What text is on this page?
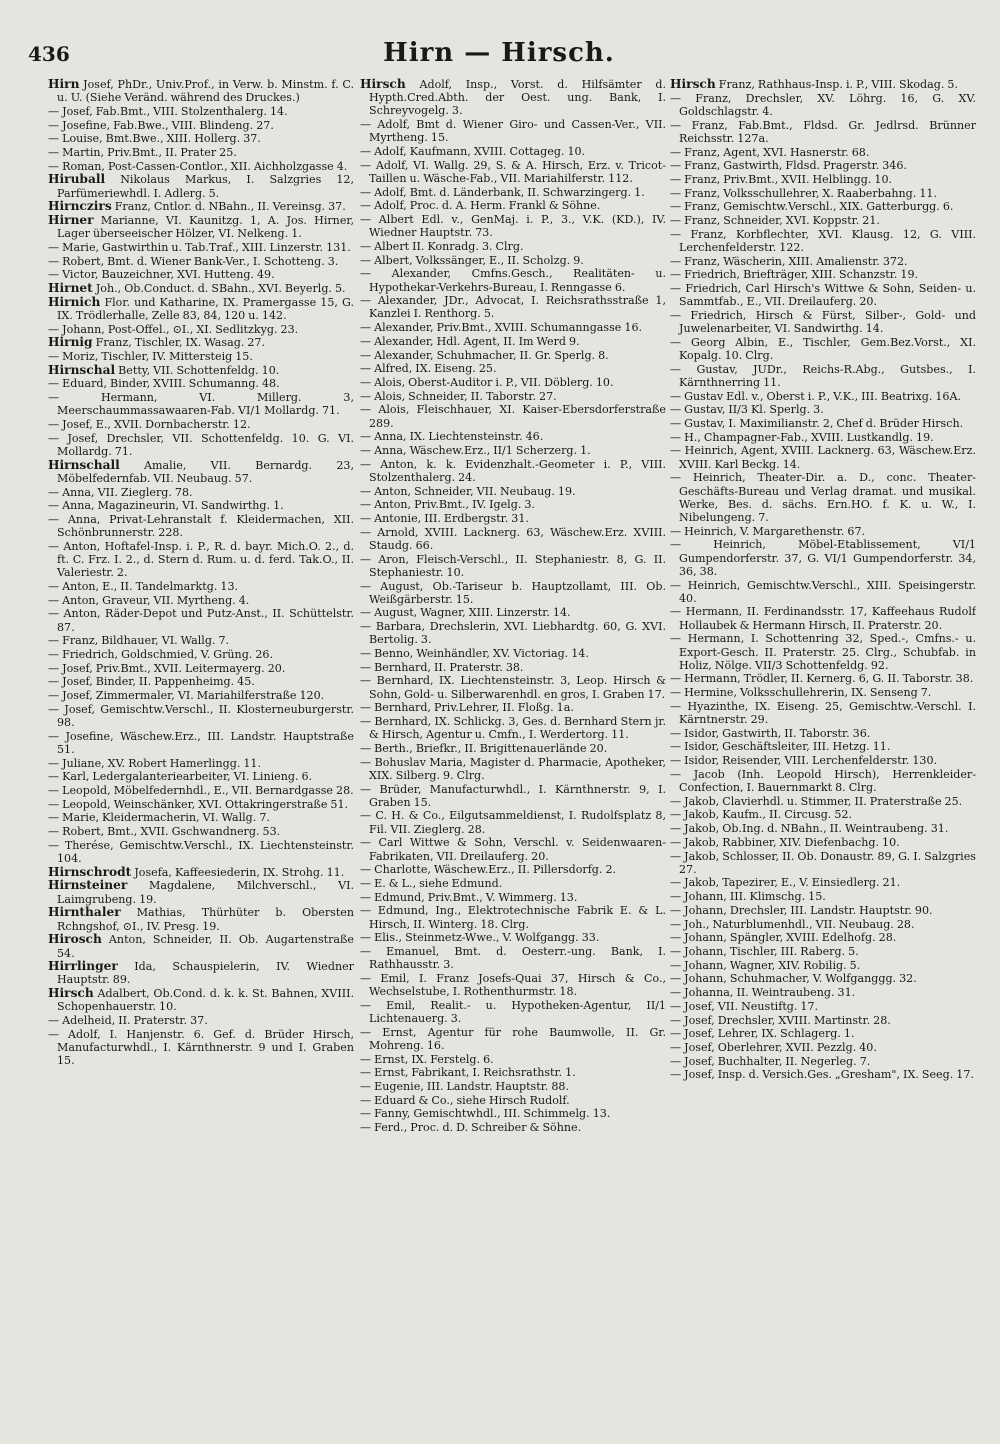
436	Hirn — Hirsch.

Hirn Josef, PhDr., Univ.Prof., in Verw. b. Minstm. f. C. u. U. (Siehe Veränd. während des Druckes.)

— Josef, Fab.Bmt., VIII. Stolzenthalerg. 14.

— Josefine, Fab.Bwe., VIII. Blindeng. 27.

— Louise, Bmt.Bwe., XIII. Hollerg. 37.

— Martin, Priv.Bmt., II. Prater 25.

— Roman, Post-Cassen-Contlor., XII. Aichholzgasse 4.

Hiruball Nikolaus Markus, I. Salzgries 12, Parfümeriewhdl. I. Adlerg. 5.

Hirnczirs Franz, Cntlor. d. NBahn., II. Vereinsg. 37.

Hirner Marianne, VI. Kaunitzg. 1, A. Jos. Hirner, Lager überseeischer Hölzer, VI. Nelkeng. 1.

— Marie, Gastwirthin u. Tab.Traf., XIII. Linzerstr. 131.

— Robert, Bmt. d. Wiener Bank-Ver., I. Schotteng. 3.

— Victor, Bauzeichner, XVI. Hutteng. 49.

Hirnet Joh., Ob.Conduct. d. SBahn., XVI. Beyerlg. 5.

Hirnich Flor. und Katharine, IX. Pramergasse 15, G. IX. Trödlerhalle, Zelle 83, 84, 120 u. 142.

— Johann, Post-Offel., ⊙I., XI. Sedlitzkyg. 23.

Hirnig Franz, Tischler, IX. Wasag. 27.

— Moriz, Tischler, IV. Mittersteig 15.

Hirnschal Betty, VII. Schottenfeldg. 10.

— Eduard, Binder, XVIII. Schumanng. 48.

— Hermann, VI. Millerg. 3, Meerschaummassawaaren-Fab. VI/1 Mollardg. 71.

— Josef, E., XVII. Dornbacherstr. 12.

— Josef, Drechsler, VII. Schottenfeldg. 10. G. VI. Mollardg. 71.

Hirnschall Amalie, VII. Bernardg. 23, Möbelfedernfab. VII. Neubaug. 57.

— Anna, VII. Zieglerg. 78.

— Anna, Magazineurin, VI. Sandwirthg. 1.

— Anna, Privat-Lehranstalt f. Kleidermachen, XII. Schönbrunnerstr. 228.

— Anton, Hoftafel-Insp. i. P., R. d. bayr. Mich.O. 2., d. ft. C. Frz. I. 2., d. Stern d. Rum. u. d. ferd. Tak.O., II. Valeriestr. 2.

— Anton, E., II. Tandelmarktg. 13.

— Anton, Graveur, VII. Myrtheng. 4.

— Anton, Räder-Depot und Putz-Anst., II. Schüttelstr. 87.

— Franz, Bildhauer, VI. Wallg. 7.

— Friedrich, Goldschmied, V. Grüng. 26.

— Josef, Priv.Bmt., XVII. Leitermayerg. 20.

— Josef, Binder, II. Pappenheimg. 45.

— Josef, Zimmermaler, VI. Mariahilferstraße 120.

— Josef, Gemischtw.Verschl., II. Klosterneuburgerstr. 98.

— Josefine, Wäschew.Erz., III. Landstr. Hauptstraße 51.

— Juliane, XV. Robert Hamerlingg. 11.

— Karl, Ledergalanteriearbeiter, VI. Linieng. 6.

— Leopold, Möbelfedernhdl., E., VII. Bernardgasse 28.

— Leopold, Weinschänker, XVI. Ottakringerstraße 51.

— Marie, Kleidermacherin, VI. Wallg. 7.

— Robert, Bmt., XVII. Gschwandnerg. 53.

— Therése, Gemischtw.Verschl., IX. Liechtensteinstr. 104.

Hirnschrodt Josefa, Kaffeesiederin, IX. Strohg. 11.

Hirnsteiner Magdalene, Milchverschl., VI. Laimgrubeng. 19.

Hirnthaler Mathias, Thürhüter b. Obersten Rchngshof, ⊙I., IV. Presg. 19.

Hirosch Anton, Schneider, II. Ob. Augartenstraße 54.

Hirrlinger Ida, Schauspielerin, IV. Wiedner Hauptstr. 89.

Hirsch Adalbert, Ob.Cond. d. k. k. St. Bahnen, XVIII. Schopenhauerstr. 10.

— Adelheid, II. Praterstr. 37.

— Adolf, I. Hanjenstr. 6. Gef. d. Brüder Hirsch, Manufacturwhdl., I. Kärnthnerstr. 9 und I. Graben 15.

Hirsch Adolf, Insp., Vorst. d. Hilfsämter d. Hypth.Cred.Abth. der Oest. ung. Bank, I. Schreyvogelg. 3.

— Adolf, Bmt d. Wiener Giro- und Cassen-Ver., VII. Myrtheng. 15.

— Adolf, Kaufmann, XVIII. Cottageg. 10.

— Adolf, VI. Wallg. 29, S. & A. Hirsch, Erz. v. Tricot-Taillen u. Wäsche-Fab., VII. Mariahilferstr. 112.

— Adolf, Bmt. d. Länderbank, II. Schwarzingerg. 1.

— Adolf, Proc. d. A. Herm. Frankl & Söhne.

— Albert Edl. v., GenMaj. i. P., 3., V.K. (KD.), IV. Wiedner Hauptstr. 73.

— Albert II. Konradg. 3. Clrg.

— Albert, Volkssänger, E., II. Scholzg. 9.

— Alexander, Cmfns.Gesch., Realitäten- u. Hypothekar-Verkehrs-Bureau, I. Renngasse 6.

— Alexander, JDr., Advocat, I. Reichsrathsstraße 1, Kanzlei I. Renthorg. 5.

— Alexander, Priv.Bmt., XVIII. Schumanngasse 16.

— Alexander, Hdl. Agent, II. Im Werd 9.

— Alexander, Schuhmacher, II. Gr. Sperlg. 8.

— Alfred, IX. Eiseng. 25.

— Alois, Oberst-Auditor i. P., VII. Döblerg. 10.

— Alois, Schneider, II. Taborstr. 27.

— Alois, Fleischhauer, XI. Kaiser-Ebersdorferstraße 289.

— Anna, IX. Liechtensteinstr. 46.

— Anna, Wäschew.Erz., II/1 Scherzerg. 1.

— Anton, k. k. Evidenzhalt.-Geometer i. P., VIII. Stolzenthalerg. 24.

— Anton, Schneider, VII. Neubaug. 19.

— Anton, Priv.Bmt., IV. Igelg. 3.

— Antonie, III. Erdbergstr. 31.

— Arnold, XVIII. Lacknerg. 63, Wäschew.Erz. XVIII. Staudg. 66.

— Aron, Fleisch-Verschl., II. Stephaniestr. 8, G. II. Stephaniestr. 10.

— August, Ob.-Tariseur b. Hauptzollamt, III. Ob. Weißgärberstr. 15.

— August, Wagner, XIII. Linzerstr. 14.

— Barbara, Drechslerin, XVI. Liebhardtg. 60, G. XVI. Bertolig. 3.

— Benno, Weinhändler, XV. Victoriag. 14.

— Bernhard, II. Praterstr. 38.

— Bernhard, IX. Liechtensteinstr. 3, Leop. Hirsch & Sohn, Gold- u. Silberwarenhdl. en gros, I. Graben 17.

— Bernhard, Priv.Lehrer, II. Floßg. 1a.

— Bernhard, IX. Schlickg. 3, Ges. d. Bernhard Stern jr. & Hirsch, Agentur u. Cmfn., I. Werdertorg. 11.

— Berth., Briefkr., II. Brigittenauerlände 20.

— Bohuslav Maria, Magister d. Pharmacie, Apotheker, XIX. Silberg. 9. Clrg.

— Brüder, Manufacturwhdl., I. Kärnthnerstr. 9, I. Graben 15.

— C. H. & Co., Eilgutsammeldienst, I. Rudolfsplatz 8, Fil. VII. Zieglerg. 28.

— Carl Wittwe & Sohn, Verschl. v. Seidenwaaren-Fabrikaten, VII. Dreilauferg. 20.

— Charlotte, Wäschew.Erz., II. Pillersdorfg. 2.

— E. & L., siehe Edmund.

— Edmund, Priv.Bmt., V. Wimmerg. 13.

— Edmund, Ing., Elektrotechnische Fabrik E. & L. Hirsch, II. Winterg. 18. Clrg.

— Elis., Steinmetz-Wwe., V. Wolfgangg. 33.

— Emanuel, Bmt. d. Oesterr.-ung. Bank, I. Rathhausstr. 3.

— Emil, I. Franz Josefs-Quai 37, Hirsch & Co., Wechselstube, I. Rothenthurmstr. 18.

— Emil, Realit.- u. Hypotheken-Agentur, II/1 Lichtenauerg. 3.

— Ernst, Agentur für rohe Baumwolle, II. Gr. Mohreng. 16.

— Ernst, IX. Ferstelg. 6.

— Ernst, Fabrikant, I. Reichsrathstr. 1.

— Eugenie, III. Landstr. Hauptstr. 88.

— Eduard & Co., siehe Hirsch Rudolf.

— Fanny, Gemischtwhdl., III. Schimmelg. 13.

— Ferd., Proc. d. D. Schreiber & Söhne.

Hirsch Franz, Rathhaus-Insp. i. P., VIII. Skodag. 5.

— Franz, Drechsler, XV. Löhrg. 16, G. XV. Goldschlagstr. 4.

— Franz, Fab.Bmt., Fldsd. Gr. Jedlrsd. Brünner Reichsstr. 127a.

— Franz, Agent, XVI. Hasnerstr. 68.

— Franz, Gastwirth, Fldsd. Pragerstr. 346.

— Franz, Priv.Bmt., XVII. Helblingg. 10.

— Franz, Volksschullehrer, X. Raaberbahng. 11.

— Franz, Gemischtw.Verschl., XIX. Gatterburgg. 6.

— Franz, Schneider, XVI. Koppstr. 21.

— Franz, Korbflechter, XVI. Klausg. 12, G. VIII. Lerchenfelderstr. 122.

— Franz, Wäscherin, XIII. Amalienstr. 372.

— Friedrich, Briefträger, XIII. Schanzstr. 19.

— Friedrich, Carl Hirsch's Wittwe & Sohn, Seiden- u. Sammtfab., E., VII. Dreilauferg. 20.

— Friedrich, Hirsch & Fürst, Silber-, Gold- und Juwelenarbeiter, VI. Sandwirthg. 14.

— Georg Albin, E., Tischler, Gem.Bez.Vorst., XI. Kopalg. 10. Clrg.

— Gustav, JUDr., Reichs-R.Abg., Gutsbes., I. Kärnthnerring 11.

— Gustav Edl. v., Oberst i. P., V.K., III. Beatrixg. 16A.

— Gustav, II/3 Kl. Sperlg. 3.

— Gustav, I. Maximilianstr. 2, Chef d. Brüder Hirsch.

— H., Champagner-Fab., XVIII. Lustkandlg. 19.

— Heinrich, Agent, XVIII. Lacknerg. 63, Wäschew.Erz. XVIII. Karl Beckg. 14.

— Heinrich, Theater-Dir. a. D., conc. Theater-Geschäfts-Bureau und Verlag dramat. und musikal. Werke, Bes. d. sächs. Ern.HO. f. K. u. W., I. Nibelungeng. 7.

— Heinrich, V. Margarethenstr. 67.

— Heinrich, Möbel-Etablissement, VI/1 Gumpendorferstr. 37, G. VI/1 Gumpendorferstr. 34, 36, 38.

— Heinrich, Gemischtw.Verschl., XIII. Speisingerstr. 40.

— Hermann, II. Ferdinandsstr. 17, Kaffeehaus Rudolf Hollaubek & Hermann Hirsch, II. Praterstr. 20.

— Hermann, I. Schottenring 32, Sped.-, Cmfns.- u. Export-Gesch. II. Praterstr. 25. Clrg., Schubfab. in Holiz, Nölge. VII/3 Schottenfeldg. 92.

— Hermann, Trödler, II. Kernerg. 6, G. II. Taborstr. 38.

— Hermine, Volksschullehrerin, IX. Senseng 7.

— Hyazinthe, IX. Eiseng. 25, Gemischtw.-Verschl. I. Kärntnerstr. 29.

— Isidor, Gastwirth, II. Taborstr. 36.

— Isidor, Geschäftsleiter, III. Hetzg. 11.

— Isidor, Reisender, VIII. Lerchenfelderstr. 130.

— Jacob (Inh. Leopold Hirsch), Herrenkleider-Confection, I. Bauernmarkt 8. Clrg.

— Jakob, Clavierhdl. u. Stimmer, II. Praterstraße 25.

— Jakob, Kaufm., II. Circusg. 52.

— Jakob, Ob.Ing. d. NBahn., II. Weintraubeng. 31.

— Jakob, Rabbiner, XIV. Diefenbachg. 10.

— Jakob, Schlosser, II. Ob. Donaustr. 89, G. I. Salzgries 27.

— Jakob, Tapezirer, E., V. Einsiedlerg. 21.

— Johann, III. Klimschg. 15.

— Johann, Drechsler, III. Landstr. Hauptstr. 90.

— Joh., Naturblumenhdl., VII. Neubaug. 28.

— Johann, Spängler, XVIII. Edelhofg. 28.

— Johann, Tischler, III. Raberg. 5.

— Johann, Wagner, XIV. Robilig. 5.

— Johann, Schuhmacher, V. Wolfganggg. 32.

— Johanna, II. Weintraubeng. 31.

— Josef, VII. Neustiftg. 17.

— Josef, Drechsler, XVIII. Martinstr. 28.

— Josef, Lehrer, IX. Schlagerg. 1.

— Josef, Oberlehrer, XVII. Pezzlg. 40.

— Josef, Buchhalter, II. Negerleg. 7.

— Josef, Insp. d. Versich.Ges. „Gresham", IX. Seeg. 17.
